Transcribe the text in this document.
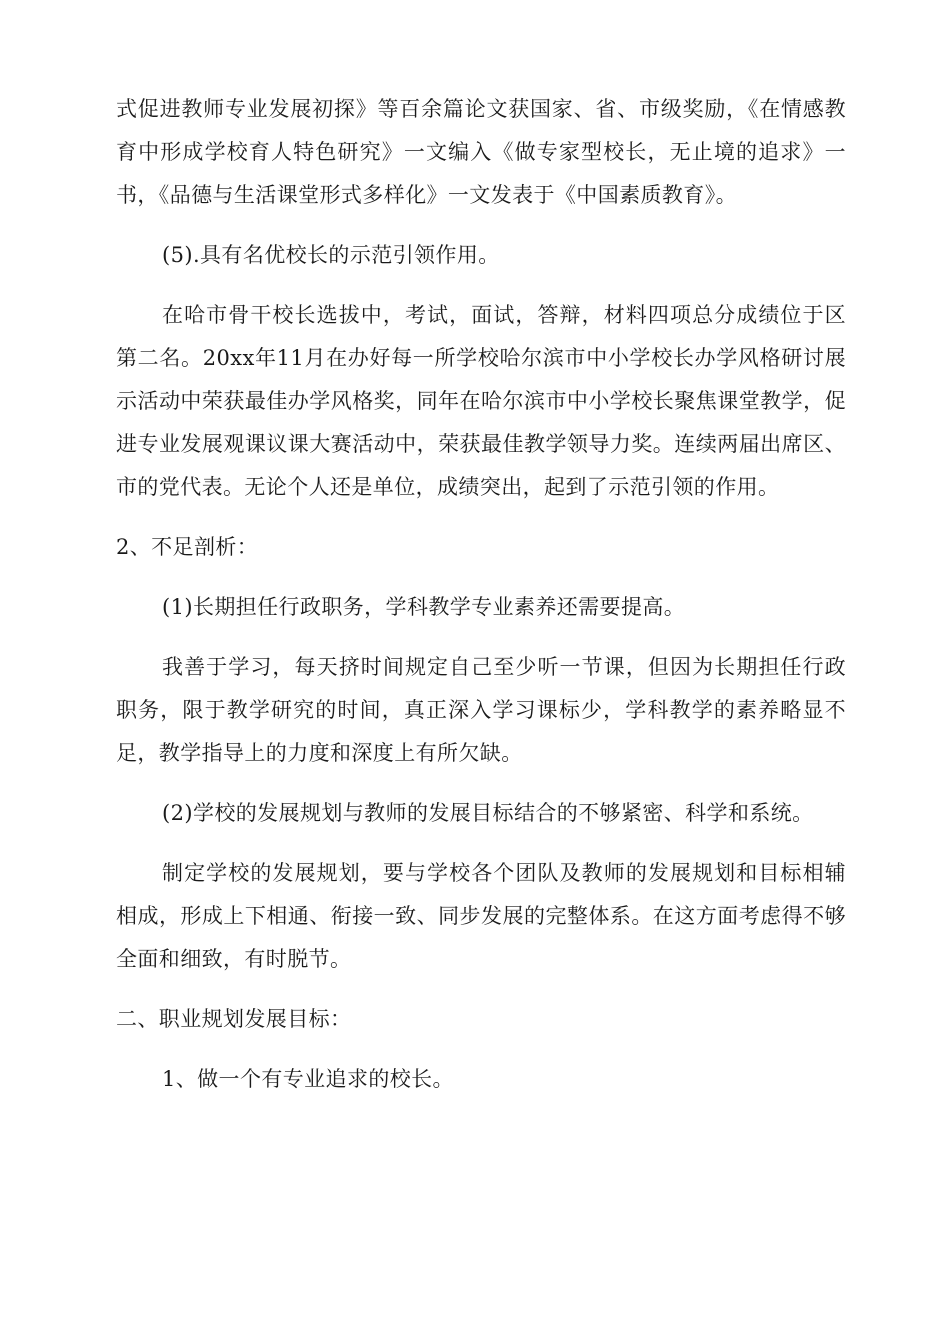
式促进教师专业发展初探》等百余篇论文获国家、省、市级奖励，《在情感教育中形成学校育人特色研究》一文编入《做专家型校长，无止境的追求》一书，《品德与生活课堂形式多样化》一文发表于《中国素质教育》。

(5).具有名优校长的示范引领作用。

在哈市骨干校长选拔中，考试，面试，答辩，材料四项总分成绩位于区第二名。20xx年11月在办好每一所学校哈尔滨市中小学校长办学风格研讨展示活动中荣获最佳办学风格奖，同年在哈尔滨市中小学校长聚焦课堂教学，促进专业发展观课议课大赛活动中，荣获最佳教学领导力奖。连续两届出席区、市的党代表。无论个人还是单位，成绩突出，起到了示范引领的作用。

2、不足剖析：

(1)长期担任行政职务，学科教学专业素养还需要提高。

我善于学习，每天挤时间规定自己至少听一节课，但因为长期担任行政职务，限于教学研究的时间，真正深入学习课标少，学科教学的素养略显不足，教学指导上的力度和深度上有所欠缺。

(2)学校的发展规划与教师的发展目标结合的不够紧密、科学和系统。

制定学校的发展规划，要与学校各个团队及教师的发展规划和目标相辅相成，形成上下相通、衔接一致、同步发展的完整体系。在这方面考虑得不够全面和细致，有时脱节。

二、职业规划发展目标：

1、做一个有专业追求的校长。
